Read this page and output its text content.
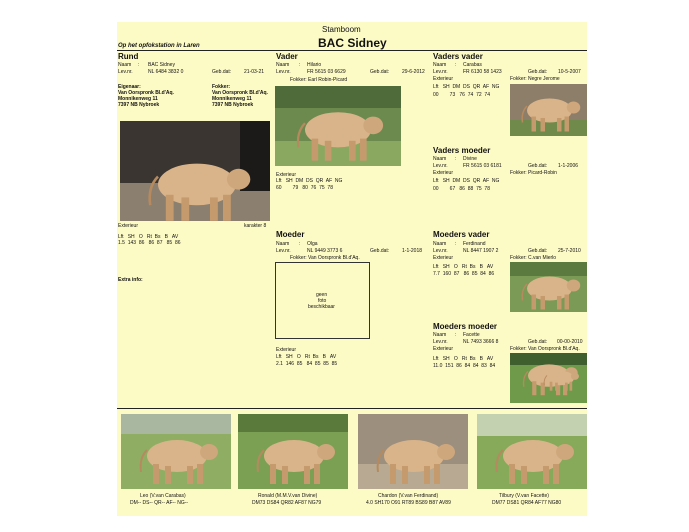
Stamboom
BAC Sidney
Op het opfokstation in Laren
Rund
Naam : BAC Sidney
Lev.nr.	NL 6484 3832 0	Geb.dat:	21-03-21
Eigenaar:
Van Oorspronk Bl.d'Aq.
Monnikenweg 11
7397 NB Nybroek
Fokker:
Van Oorspronk Bl.d'Aq.
Monnikenweg 11
7397 NB Nybroek
Exterieur	karakter 8
Lft   SH   O   Rt  Bs   B   AV
1.5  143  86   86  87   85  86
Extra info:
Vader
Naam : Hilario
Lev.nr.	FR 5615 03 6629	Geb.dat:	29-6-2012
Fokker: Earl Robin-Picard
Exterieur
Lft   SH  DM  DS  QR  AF  NG
60        79   80  76  75  78
Moeder
Naam : Olga
Lev.nr.	NL 9449 3773 6	Geb.dat:	1-1-2018
Fokker: Van Oorspronk Bl.d'Aq.
geen
foto
beschikbaar
Exterieur
Lft   SH   O   Rt  Bs   B   AV
2.1  146  85   84  85  85  85
Vaders vader
Naam : Carabas
Lev.nr.	FR 6130 58 1423	Geb.dat: 10-5-2007
Exterieur	Fokker: Negre Jerome
Lft   SH  DM  DS  QR  AF  NG
00        73   76  74  72  74
Vaders moeder
Naam : Divine
Lev.nr.	FR 5615 03 6181	Geb.dat: 1-1-2006
Exterieur	Fokker: Picard-Robin
Lft   SH  DM  DS  QR  AF  NG
00        67   86  88  75  78
Moeders vader
Naam : Ferdinand
Lev.nr.	NL 8447 1907 2	Geb.dat: 25-7-2010
Exterieur	Fokker: C.van Mierlo
Lft   SH   O   Rt  Bs   B   AV
7.7  160  87   86  85  84  86
Moeders moeder
Naam : Facette
Lev.nr.	NL 7493 3666 8	Geb.dat: 00-00-2010
Exterieur	Fokker: Van Oorspronk Bl.d'Aq.
Lft   SH   O   Rt  Bs   B   AV
11.0  151  86  84  84  83  84
Leo (V.van Carabas)
DM-- DS-- QR-- AF-- NG--
Ronald (M.M.V.van Divine)
DM73 DS84 QR82 AF87 NG79
Chardon (V.van Ferdinand)
4.0 SH170 O91 RT89 BS89 B87 AV89
Tilbury (V.van Facette)
DM77 DS81 QR84 AF77 NG80
